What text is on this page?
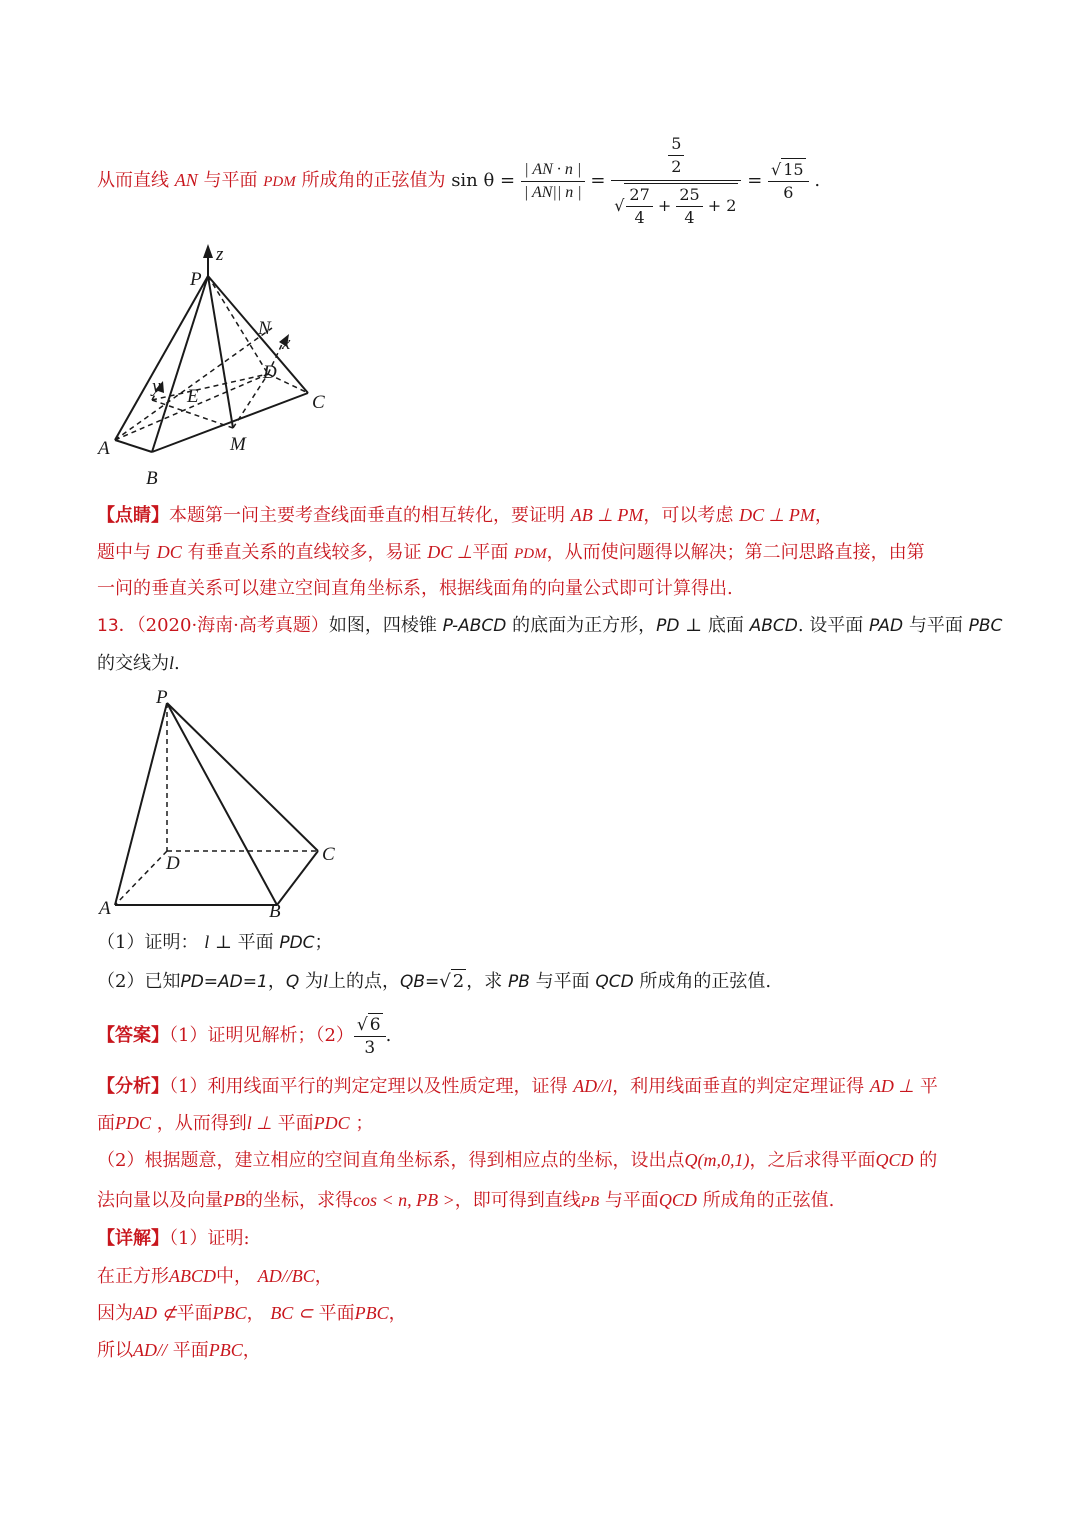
从而直线 AN 与平面 PDM 所成角的正弦值为 $\sin \theta = \frac{| AN \cdot n |}{| AN|| n |}$ =
$\frac{5}{2}$
√ $\frac{27}{4} + \frac{25}{4} + 2$
= $\frac{√ 15}{6}$ .
z
P
N
x
D
y E	C
A	M
B
【点睛】本题第一问主要考查线面垂直的相互转化，要证明 AB ⊥ PM，可以考虑 DC ⊥ PM，
题中与 DC 有垂直关系的直线较多，易证 DC ⊥平面 PDM，从而使问题得以解决；第二问思路直接，由第
一问的垂直关系可以建立空间直角坐标系，根据线面角的向量公式即可计算得出.
13．（2020·海南·高考真题）如图，四棱锥 P-ABCD 的底面为正方形，PD ⊥ 底面 ABCD. 设平面 PAD 与平面 PBC
的交线为l.
P
C
D
A	B
（1）证明： l ⊥ 平面 PDC；
（2）已知PD=AD=1，Q 为l上的点，QB=√ 2 ，求 PB 与平面 QCD 所成角的正弦值.
【答案】（1）证明见解析；$(2) \frac{√ 6}{3}$ .
【分析】（1）利用线面平行的判定定理以及性质定理，证得 AD//l，利用线面垂直的判定定理证得 AD ⊥ 平
面PDC ，从而得到l ⊥ 平面PDC ；
（2）根据题意，建立相应的空间直角坐标系，得到相应点的坐标，设出点Q(m,0,1)，之后求得平面QCD 的
法向量以及向量PB的坐标，求得cos < n, PB >，即可得到直线PB 与平面QCD 所成角的正弦值.
【详解】（1）证明:
在正方形ABCD中， AD//BC，
因为AD ⊄平面PBC， BC ⊂ 平面PBC，
所以AD// 平面PBC，
